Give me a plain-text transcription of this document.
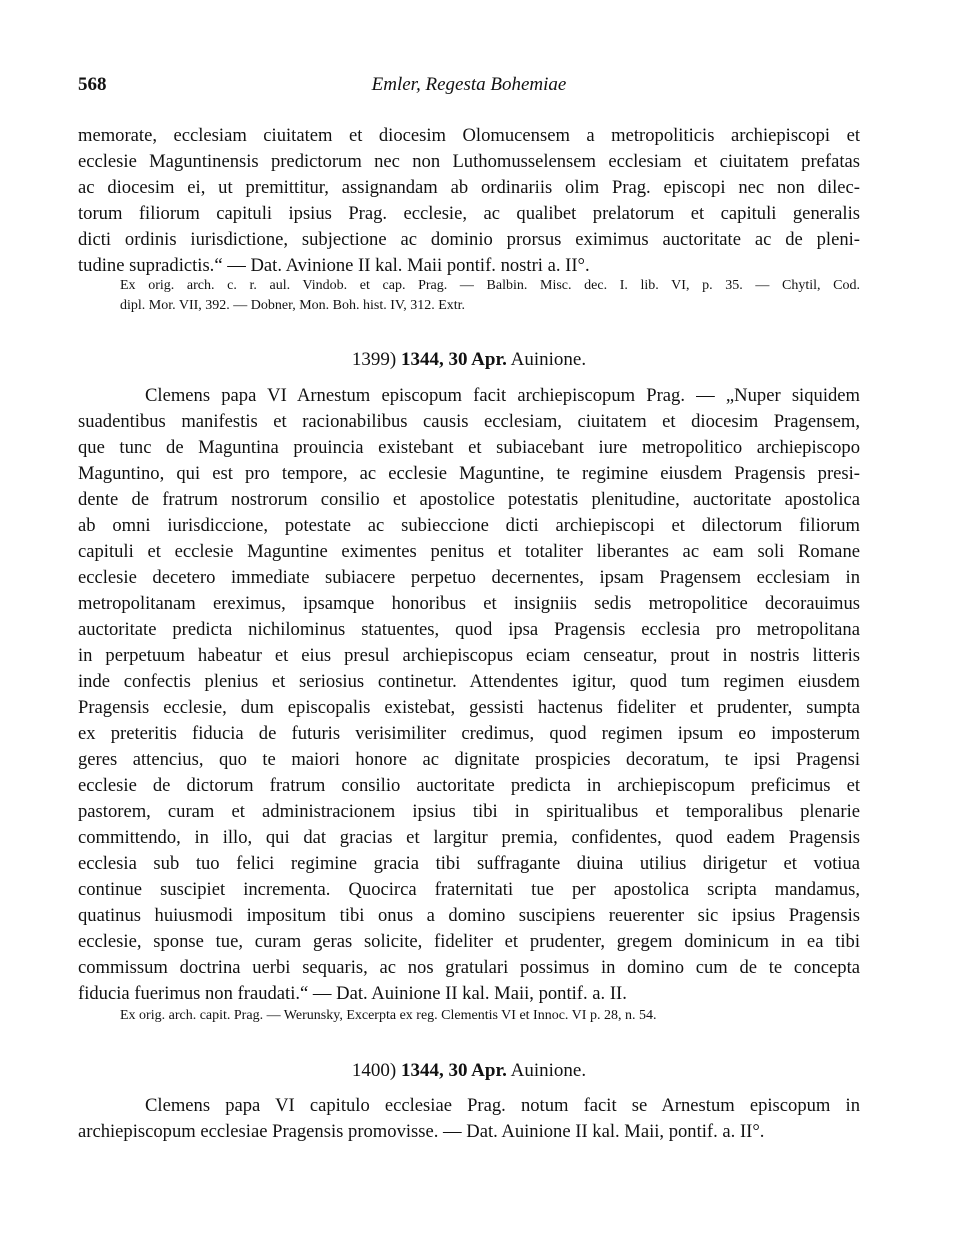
568	Emler, Regesta Bohemiae
memorate, ecclesiam ciuitatem et diocesim Olomucensem a metropoliticis archiepiscopi et
ecclesie Maguntinensis predictorum nec non Luthomusselensem ecclesiam et ciuitatem prefatas
ac diocesim ei, ut premittitur, assignandam ab ordinariis olim Prag. episcopi nec non dilec-
torum filiorum capituli ipsius Prag. ecclesie, ac qualibet prelatorum et capituli generalis
dicti ordinis iurisdictione, subjectione ac dominio prorsus eximimus auctoritate ac de pleni-
tudine supradictis.“ — Dat. Avinione II kal. Maii pontif. nostri a. II°.
Ex orig. arch. c. r. aul. Vindob. et cap. Prag. — Balbin. Misc. dec. I. lib. VI, p. 35. — Chytil, Cod.
dipl. Mor. VII, 392. — Dobner, Mon. Boh. hist. IV, 312. Extr.
1399) 1344, 30 Apr. Auinione.
Clemens papa VI Arnestum episcopum facit archiepiscopum Prag. — „Nuper siquidem
suadentibus manifestis et racionabilibus causis ecclesiam, ciuitatem et diocesim Pragensem,
que tunc de Maguntina prouincia existebant et subiacebant iure metropolitico archiepiscopo
Maguntino, qui est pro tempore, ac ecclesie Maguntine, te regimine eiusdem Pragensis presi-
dente de fratrum nostrorum consilio et apostolice potestatis plenitudine, auctoritate apostolica
ab omni iurisdiccione, potestate ac subieccione dicti archiepiscopi et dilectorum filiorum
capituli et ecclesie Maguntine eximentes penitus et totaliter liberantes ac eam soli Romane
ecclesie decetero immediate subiacere perpetuo decernentes, ipsam Pragensem ecclesiam in
metropolitanam ereximus, ipsamque honoribus et insigniis sedis metropolitice decorauimus
auctoritate predicta nichilominus statuentes, quod ipsa Pragensis ecclesia pro metropolitana
in perpetuum habeatur et eius presul archiepiscopus eciam censeatur, prout in nostris litteris
inde confectis plenius et seriosius continetur. Attendentes igitur, quod tum regimen eiusdem
Pragensis ecclesie, dum episcopalis existebat, gessisti hactenus fideliter et prudenter, sumpta
ex preteritis fiducia de futuris verisimiliter credimus, quod regimen ipsum eo imposterum
geres attencius, quo te maiori honore ac dignitate prospicies decoratum, te ipsi Pragensi
ecclesie de dictorum fratrum consilio auctoritate predicta in archiepiscopum preficimus et
pastorem, curam et administracionem ipsius tibi in spiritualibus et temporalibus plenarie
committendo, in illo, qui dat gracias et largitur premia, confidentes, quod eadem Pragensis
ecclesia sub tuo felici regimine gracia tibi suffragante diuina utilius dirigetur et votiua
continue suscipiet incrementa. Quocirca fraternitati tue per apostolica scripta mandamus,
quatinus huiusmodi impositum tibi onus a domino suscipiens reuerenter sic ipsius Pragensis
ecclesie, sponse tue, curam geras solicite, fideliter et prudenter, gregem dominicum in ea tibi
commissum doctrina uerbi sequaris, ac nos gratulari possimus in domino cum de te concepta
fiducia fuerimus non fraudati.“ — Dat. Auinione II kal. Maii, pontif. a. II.
Ex orig. arch. capit. Prag. — Werunsky, Excerpta ex reg. Clementis VI et Innoc. VI p. 28, n. 54.
1400) 1344, 30 Apr. Auinione.
Clemens papa VI capitulo ecclesiae Prag. notum facit se Arnestum episcopum in
archiepiscopum ecclesiae Pragensis promovisse. — Dat. Auinione II kal. Maii, pontif. a. II°.
